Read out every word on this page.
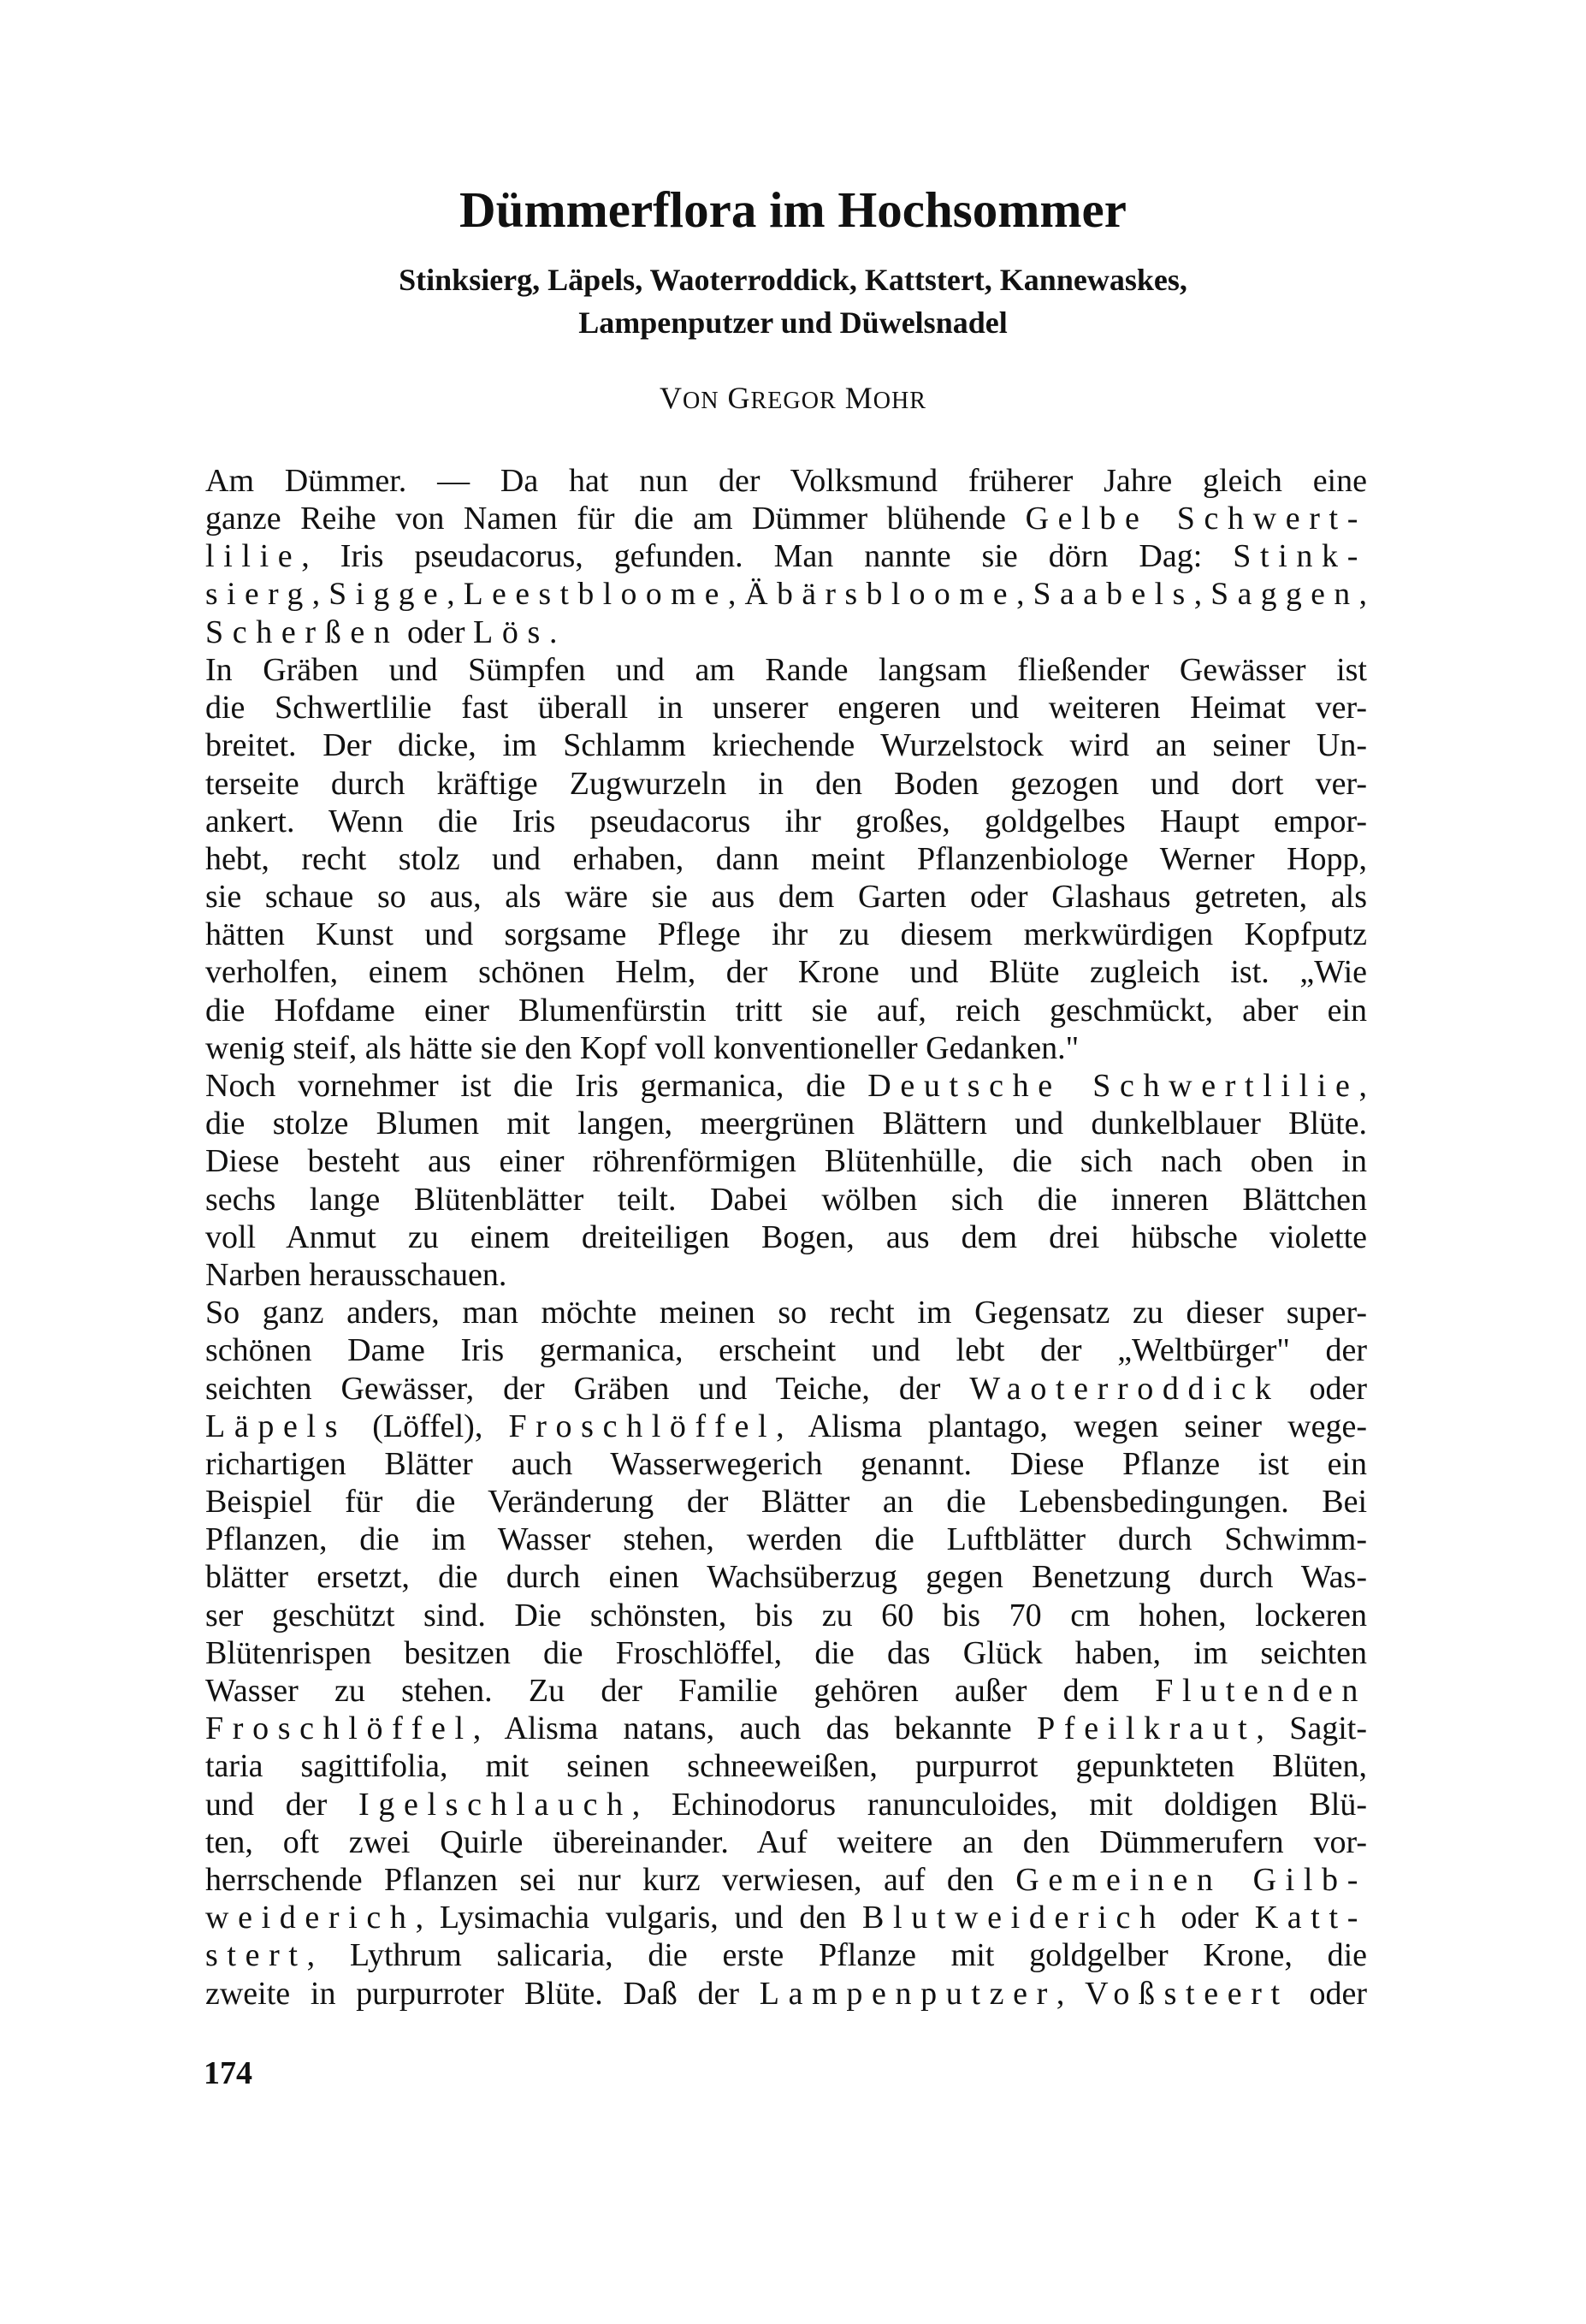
Dümmerflora im Hochsommer
Stinksierg, Läpels, Waoterroddick, Kattstert, Kannewaskes,
Lampenputzer und Düwelsnadel
VON GREGOR MOHR
Am Dümmer. — Da hat nun der Volksmund früherer Jahre gleich eine
ganze Reihe von Namen für die am Dümmer blühende Gelbe Schwert-
lilie, Iris pseudacorus, gefunden. Man nannte sie dörn Dag: Stink-
sierg, Sigge, Leestbloome, Äbärsbloome, Saabels, Saggen,
Scherßen oder Lös.
In Gräben und Sümpfen und am Rande langsam fließender Gewässer ist
die Schwertlilie fast überall in unserer engeren und weiteren Heimat ver-
breitet. Der dicke, im Schlamm kriechende Wurzelstock wird an seiner Un-
terseite durch kräftige Zugwurzeln in den Boden gezogen und dort ver-
ankert. Wenn die Iris pseudacorus ihr großes, goldgelbes Haupt empor-
hebt, recht stolz und erhaben, dann meint Pflanzenbiologe Werner Hopp,
sie schaue so aus, als wäre sie aus dem Garten oder Glashaus getreten, als
hätten Kunst und sorgsame Pflege ihr zu diesem merkwürdigen Kopfputz
verholfen, einem schönen Helm, der Krone und Blüte zugleich ist. „Wie
die Hofdame einer Blumenfürstin tritt sie auf, reich geschmückt, aber ein
wenig steif, als hätte sie den Kopf voll konventioneller Gedanken."
Noch vornehmer ist die Iris germanica, die Deutsche Schwertlilie,
die stolze Blumen mit langen, meergrünen Blättern und dunkelblauer Blüte.
Diese besteht aus einer röhrenförmigen Blütenhülle, die sich nach oben in
sechs lange Blütenblätter teilt. Dabei wölben sich die inneren Blättchen
voll Anmut zu einem dreiteiligen Bogen, aus dem drei hübsche violette
Narben herausschauen.
So ganz anders, man möchte meinen so recht im Gegensatz zu dieser super-
schönen Dame Iris germanica, erscheint und lebt der „Weltbürger" der
seichten Gewässer, der Gräben und Teiche, der Waoterroddick oder
Läpels (Löffel), Froschlöffel, Alisma plantago, wegen seiner wege-
richartigen Blätter auch Wasserwegerich genannt. Diese Pflanze ist ein
Beispiel für die Veränderung der Blätter an die Lebensbedingungen. Bei
Pflanzen, die im Wasser stehen, werden die Luftblätter durch Schwimm-
blätter ersetzt, die durch einen Wachsüberzug gegen Benetzung durch Was-
ser geschützt sind. Die schönsten, bis zu 60 bis 70 cm hohen, lockeren
Blütenrispen besitzen die Froschlöffel, die das Glück haben, im seichten
Wasser zu stehen. Zu der Familie gehören außer dem Flutenden
Froschlöffel, Alisma natans, auch das bekannte Pfeilkraut, Sagit-
taria sagittifolia, mit seinen schneeweißen, purpurrot gepunkteten Blüten,
und der Igelschlauch, Echinodorus ranunculoides, mit doldigen Blü-
ten, oft zwei Quirle übereinander. Auf weitere an den Dümmerufern vor-
herrschende Pflanzen sei nur kurz verwiesen, auf den Gemeinen Gilb-
weiderich, Lysimachia vulgaris, und den Blutweiderich oder Katt-
stert, Lythrum salicaria, die erste Pflanze mit goldgelber Krone, die
zweite in purpurroter Blüte. Daß der Lampenputzer, Voßsteert oder
174
